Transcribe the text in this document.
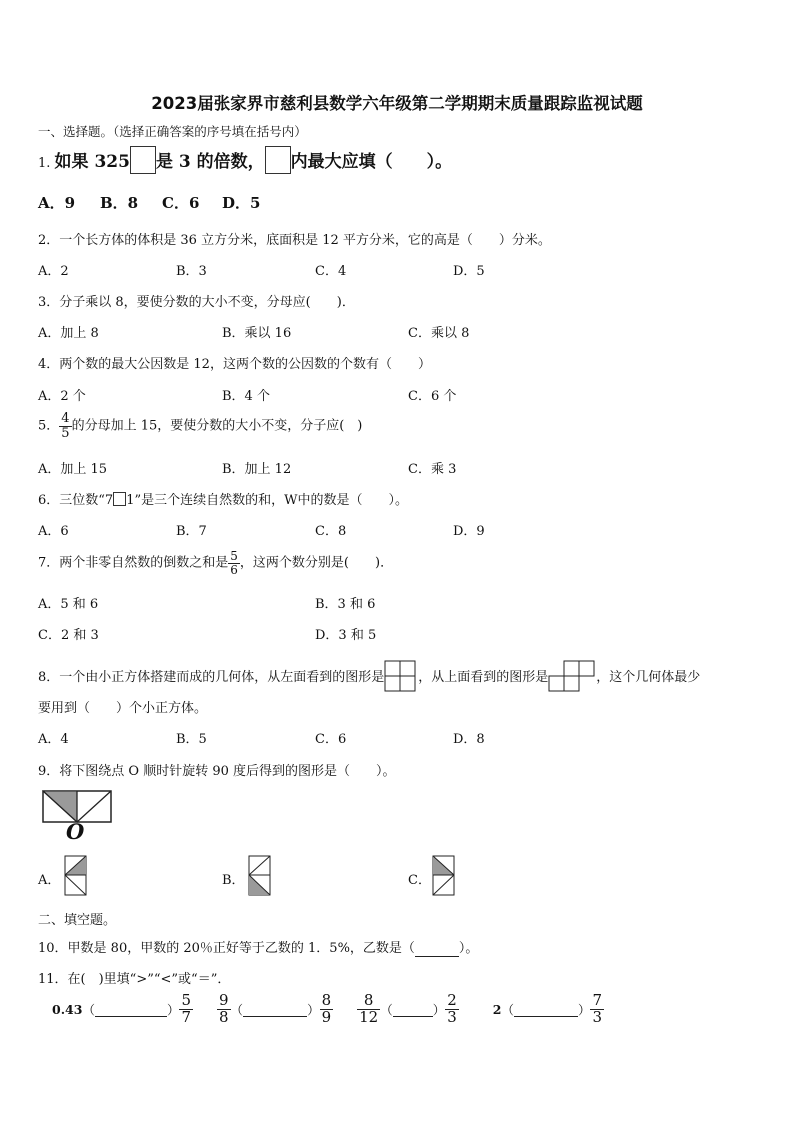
2023届张家界市慈利县数学六年级第二学期期末质量跟踪监视试题
一、选择题。（选择正确答案的序号填在括号内）
1. 如果 325 是 3 的倍数， 内最大应填（　　）。
A．9 B．8 C．6 D．5
2．一个长方体的体积是 36 立方分米，底面积是 12 平方分米，它的高是（　　）分米。
A．2	B．3	C．4	D．5
3．分子乘以 8，要使分数的大小不变，分母应(　　)．
A．加上 8	B．乘以 16	C．乘以 8
4．两个数的最大公因数是 12，这两个数的公因数的个数有（　　）
A．2 个	B．4 个	C．6 个
5． $\frac{4}{5}$ 的分母加上 15，要使分数的大小不变，分子应(　)
A．加上 15	B．加上 12	C．乘 3
6．三位数“7 1”是三个连续自然数的和，W中的数是（　　）。
A．6	B．7	C．8	D．9
7．两个非零自然数的倒数之和是 $\frac{5}{6}$ ，这两个数分别是(　　)．
A．5 和 6	B．3 和 6
C．2 和 3	D．3 和 5
8．一个由小正方体搭建而成的几何体，从左面看到的图形是	，从上面看到的图形是	，这个几何体最少
要用到（　　）个小正方体。
A．4	B．5	C．6	D．8
9．将下图绕点 O 顺时针旋转 90 度后得到的图形是（　　）。
O
A．	B．	C．
二、填空题。
10．甲数是 80，甲数的 20％正好等于乙数的 1．5%，乙数是（	）。
11．在(　)里填“>”“<”或“＝”．
0.43（	） $\frac{5}{7}$
$\frac{9}{8}$ （	） $\frac{8}{9}$
$\frac{8}{12}$ （	） $\frac{2}{3}$	2（	） $\frac{7}{3}$
